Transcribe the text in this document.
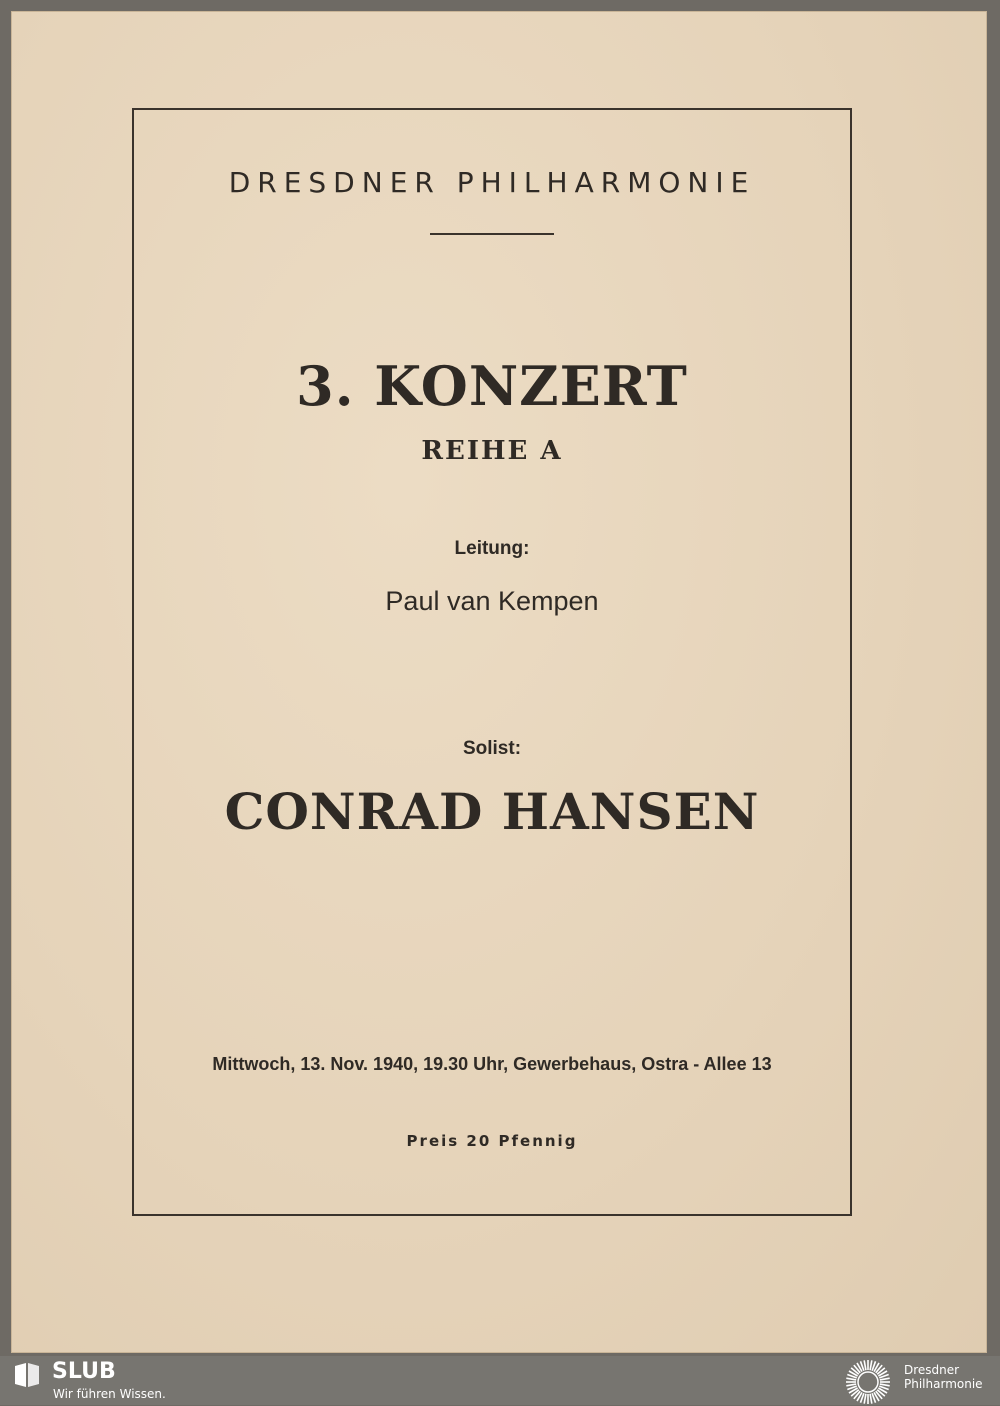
DRESDNER PHILHARMONIE
3. KONZERT
REIHE A
Leitung:
Paul van Kempen
Solist:
CONRAD HANSEN
Mittwoch, 13. Nov. 1940, 19.30 Uhr, Gewerbehaus, Ostra - Allee 13
Preis 20 Pfennig
SLUB
Wir führen Wissen.
Dresdner
Philharmonie
